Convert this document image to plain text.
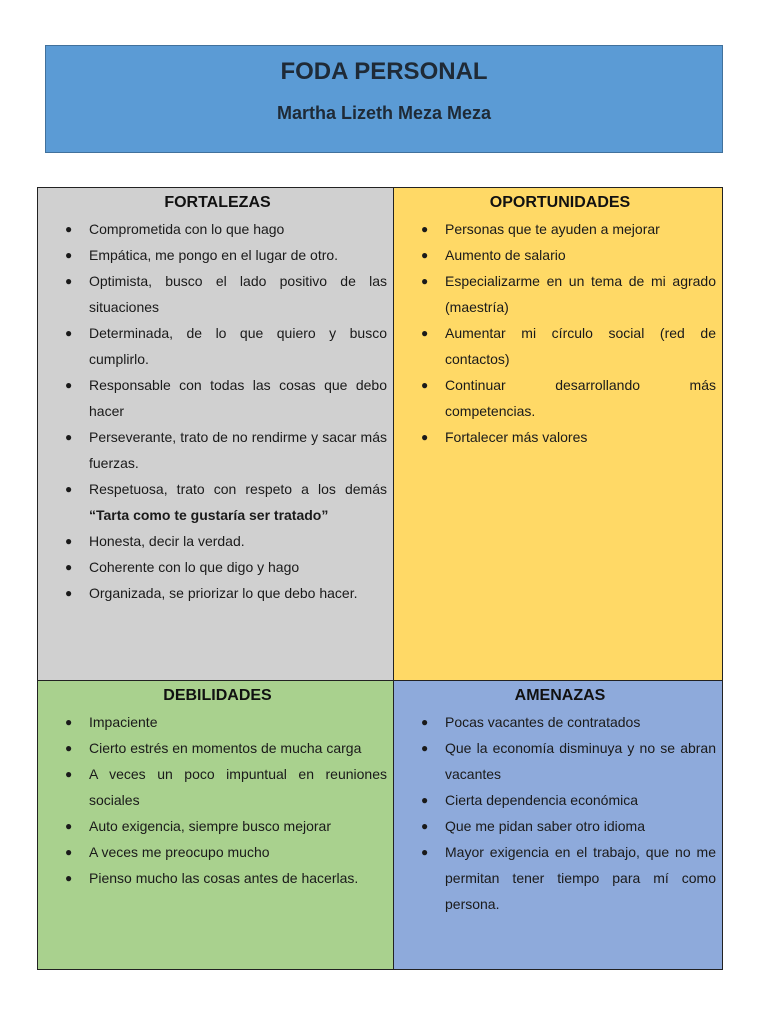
FODA PERSONAL
Martha Lizeth Meza Meza
FORTALEZAS
● Comprometida con lo que hago
● Empática, me pongo en el lugar de otro.
● Optimista, busco el lado positivo de las situaciones
● Determinada, de lo que quiero y busco cumplirlo.
● Responsable con todas las cosas que debo hacer
● Perseverante, trato de no rendirme y sacar más fuerzas.
● Respetuosa, trato con respeto a los demás “Tarta como te gustaría ser tratado”
● Honesta, decir la verdad.
● Coherente con lo que digo y hago
● Organizada, se priorizar lo que debo hacer.
OPORTUNIDADES
● Personas que te ayuden a mejorar
● Aumento de salario
● Especializarme en un tema de mi agrado (maestría)
● Aumentar mi círculo social (red de contactos)
● Continuar desarrollando más competencias.
● Fortalecer más valores
DEBILIDADES
● Impaciente
● Cierto estrés en momentos de mucha carga
● A veces un poco impuntual en reuniones sociales
● Auto exigencia, siempre busco mejorar
● A veces me preocupo mucho
● Pienso mucho las cosas antes de hacerlas.
AMENAZAS
● Pocas vacantes de contratados
● Que la economía disminuya y no se abran vacantes
● Cierta dependencia económica
● Que me pidan saber otro idioma
● Mayor exigencia en el trabajo, que no me permitan tener tiempo para mí como persona.
